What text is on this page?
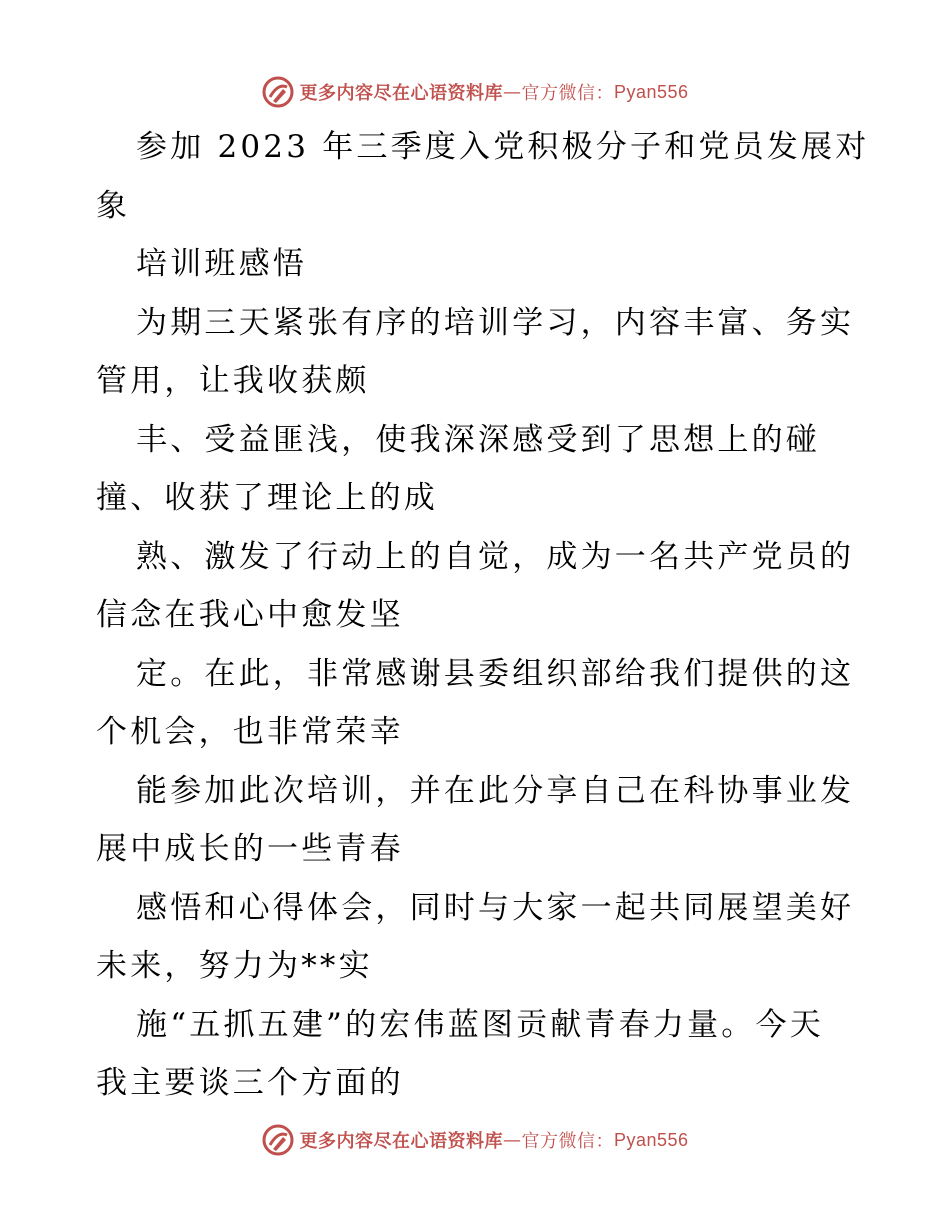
更多内容尽在心语资料库 — 官方微信： Pyan556
参加 2023 年三季度入党积极分子和党员发展对
象
培训班感悟
为期三天紧张有序的培训学习，内容丰富、务实
管用，让我收获颇
丰、受益匪浅，使我深深感受到了思想上的碰
撞、收获了理论上的成
熟、激发了行动上的自觉，成为一名共产党员的
信念在我心中愈发坚
定。在此，非常感谢县委组织部给我们提供的这
个机会，也非常荣幸
能参加此次培训，并在此分享自己在科协事业发
展中成长的一些青春
感悟和心得体会，同时与大家一起共同展望美好
未来，努力为**实
施“五抓五建”的宏伟蓝图贡献青春力量。今天
我主要谈三个方面的
更多内容尽在心语资料库 — 官方微信： Pyan556
